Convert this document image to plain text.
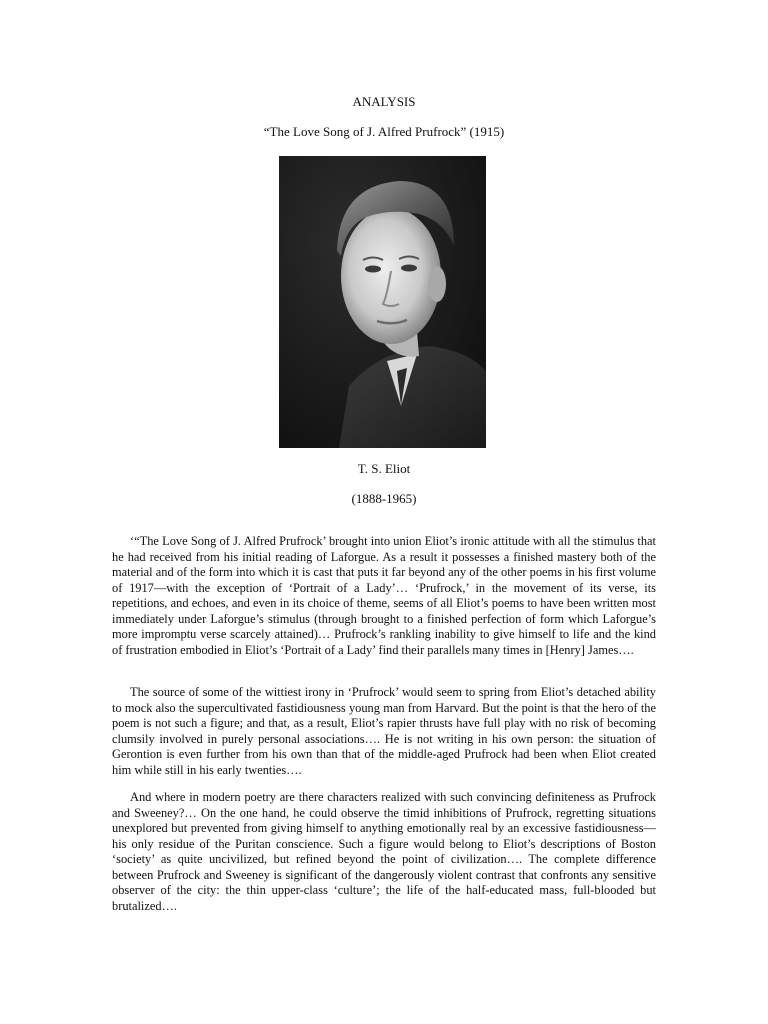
ANALYSIS
“The Love Song of J. Alfred Prufrock” (1915)
T. S. Eliot
(1888-1965)

‘“The Love Song of J. Alfred Prufrock’ brought into union Eliot’s ironic attitude with all the stimulus that he had received from his initial reading of Laforgue. As a result it possesses a finished mastery both of the material and of the form into which it is cast that puts it far beyond any of the other poems in his first volume of 1917—with the exception of ‘Portrait of a Lady’… ‘Prufrock,’ in the movement of its verse, its repetitions, and echoes, and even in its choice of theme, seems of all Eliot’s poems to have been written most immediately under Laforgue’s stimulus (through brought to a finished perfection of form which Laforgue’s more impromptu verse scarcely attained)… Prufrock’s rankling inability to give himself to life and the kind of frustration embodied in Eliot’s ‘Portrait of a Lady’ find their parallels many times in [Henry] James….

The source of some of the wittiest irony in ‘Prufrock’ would seem to spring from Eliot’s detached ability to mock also the supercultivated fastidiousness young man from Harvard. But the point is that the hero of the poem is not such a figure; and that, as a result, Eliot’s rapier thrusts have full play with no risk of becoming clumsily involved in purely personal associations…. He is not writing in his own person: the situation of Gerontion is even further from his own than that of the middle-aged Prufrock had been when Eliot created him while still in his early twenties….

And where in modern poetry are there characters realized with such convincing definiteness as Prufrock and Sweeney?… On the one hand, he could observe the timid inhibitions of Prufrock, regretting situations unexplored but prevented from giving himself to anything emotionally real by an excessive fastidiousness—his only residue of the Puritan conscience. Such a figure would belong to Eliot’s descriptions of Boston ‘society’ as quite uncivilized, but refined beyond the point of civilization…. The complete difference between Prufrock and Sweeney is significant of the dangerously violent contrast that confronts any sensitive observer of the city: the thin upper-class ‘culture’; the life of the half-educated mass, full-blooded but brutalized….
